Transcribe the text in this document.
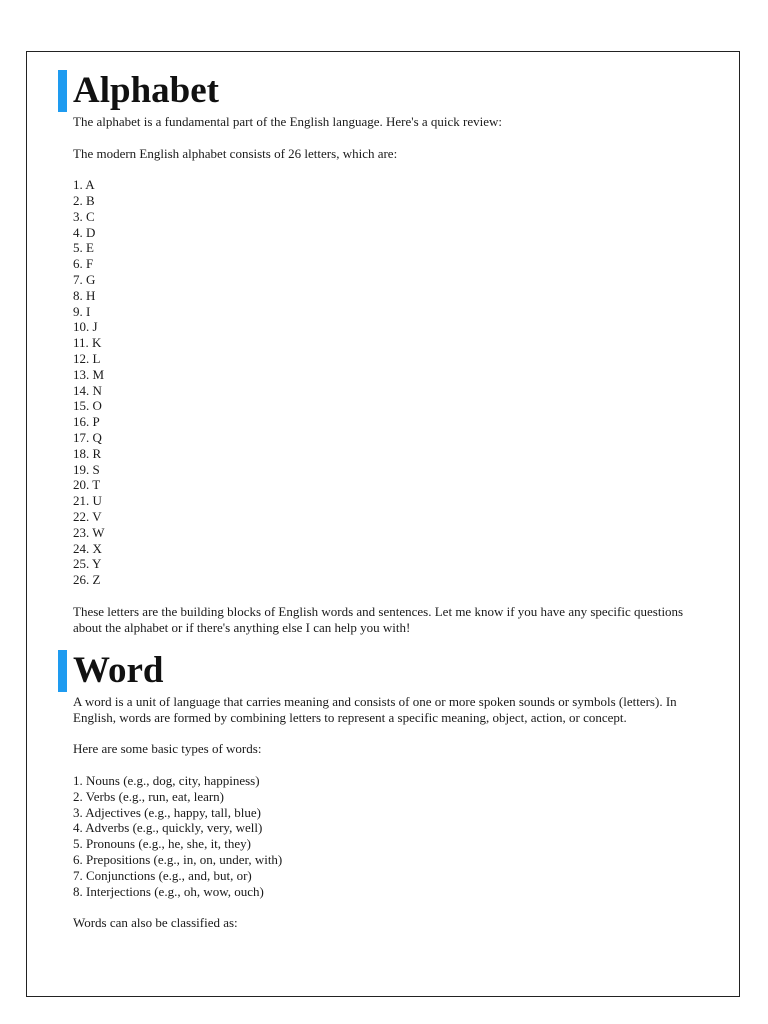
Alphabet

The alphabet is a fundamental part of the English language. Here's a quick review:

The modern English alphabet consists of 26 letters, which are:

1. A
2. B
3. C
4. D
5. E
6. F
7. G
8. H
9. I
10. J
11. K
12. L
13. M
14. N
15. O
16. P
17. Q
18. R
19. S
20. T
21. U
22. V
23. W
24. X
25. Y
26. Z

These letters are the building blocks of English words and sentences. Let me know if you have any specific questions about the alphabet or if there's anything else I can help you with!

Word

A word is a unit of language that carries meaning and consists of one or more spoken sounds or symbols (letters). In English, words are formed by combining letters to represent a specific meaning, object, action, or concept.

Here are some basic types of words:

1. Nouns (e.g., dog, city, happiness)
2. Verbs (e.g., run, eat, learn)
3. Adjectives (e.g., happy, tall, blue)
4. Adverbs (e.g., quickly, very, well)
5. Pronouns (e.g., he, she, it, they)
6. Prepositions (e.g., in, on, under, with)
7. Conjunctions (e.g., and, but, or)
8. Interjections (e.g., oh, wow, ouch)

Words can also be classified as:
